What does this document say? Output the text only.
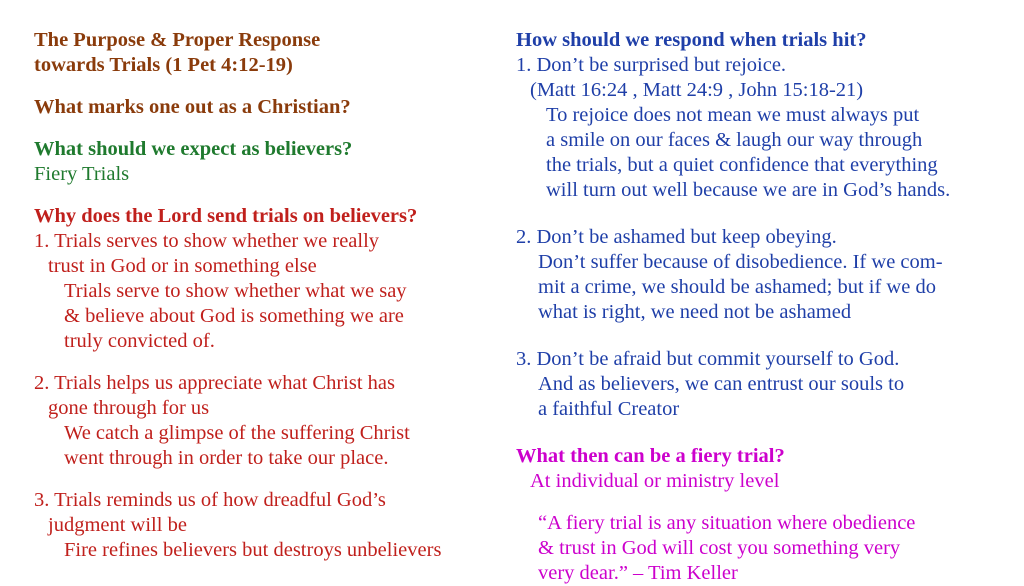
The Purpose & Proper Response
towards Trials (1 Pet 4:12-19)
What marks one out as a Christian?
What should we expect as believers?
Fiery Trials
Why does the Lord send trials on believers?
1. Trials serves to show whether we really
trust in God or in something else
Trials serve to show whether what we say
& believe about God is something we are
truly convicted of.
2. Trials helps us appreciate what Christ has
gone through for us
We catch a glimpse of the suffering Christ
went through in order to take our place.
3. Trials reminds us of how dreadful God’s
judgment will be
Fire refines believers but destroys unbelievers
How should we respond when trials hit?
1. Don’t be surprised but rejoice.
(Matt 16:24 , Matt 24:9 , John 15:18-21)
To rejoice does not mean we must always put
a smile on our faces & laugh our way through
the trials, but a quiet confidence that everything
will turn out well because we are in God’s hands.
2. Don’t be ashamed but keep obeying.
Don’t suffer because of disobedience. If we com-
mit a crime, we should be ashamed; but if we do
what is right, we need not be ashamed
3. Don’t be afraid but commit yourself to God.
And as believers, we can entrust our souls to
a faithful Creator
What then can be a fiery trial?
At individual or ministry level
“A fiery trial is any situation where obedience
& trust in God will cost you something very
very dear.” – Tim Keller
